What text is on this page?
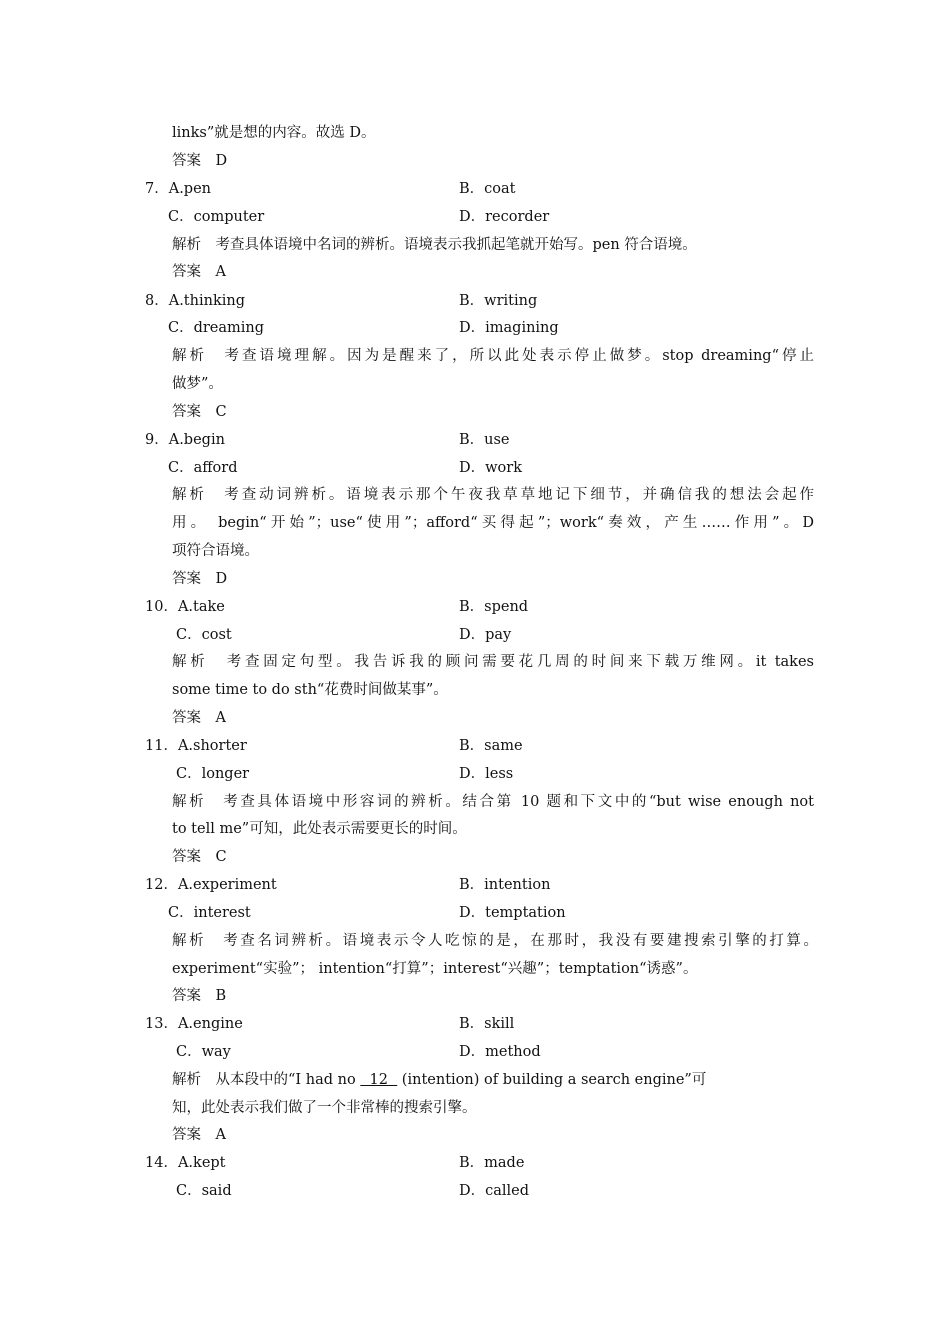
links”就是想的内容。故选 D。
答案　D
7．A.pen	B．coat
C．computer	D．recorder
解析　考查具体语境中名词的辨析。语境表示我抓起笔就开始写。pen 符合语境。
答案　A
8．A.thinking	B．writing
C．dreaming	D．imagining
解析　考查语境理解。因为是醒来了，所以此处表示停止做梦。stop dreaming“停止
做梦”。
答案　C
9．A.begin	B．use
C．afford	D．work
解析　考查动词辨析。语境表示那个午夜我草草地记下细节，并确信我的想法会起作
用。 begin“开始”；use“使用”；afford“买得起”；work“奏效，产生……作用”。D
项符合语境。
答案　D
10．A.take	B．spend
C．cost	D．pay
解析　考查固定句型。我告诉我的顾问需要花几周的时间来下载万维网。it takes
some time to do sth“花费时间做某事”。
答案　A
11．A.shorter	B．same
C．longer	D．less
解析　考查具体语境中形容词的辨析。结合第 10 题和下文中的“but wise enough not
to tell me”可知，此处表示需要更长的时间。
答案　C
12．A.experiment	B．intention
C．interest	D．temptation
解析　考查名词辨析。语境表示令人吃惊的是，在那时，我没有要建搜索引擎的打算。
experiment“实验”； intention“打算”；interest“兴趣”；temptation“诱惑”。
答案　B
13．A.engine	B．skill
C．way	D．method
解析　从本段中的“I had no   12   (intention) of building a search engine”可
知，此处表示我们做了一个非常棒的搜索引擎。
答案　A
14．A.kept	B．made
C．said	D．called
